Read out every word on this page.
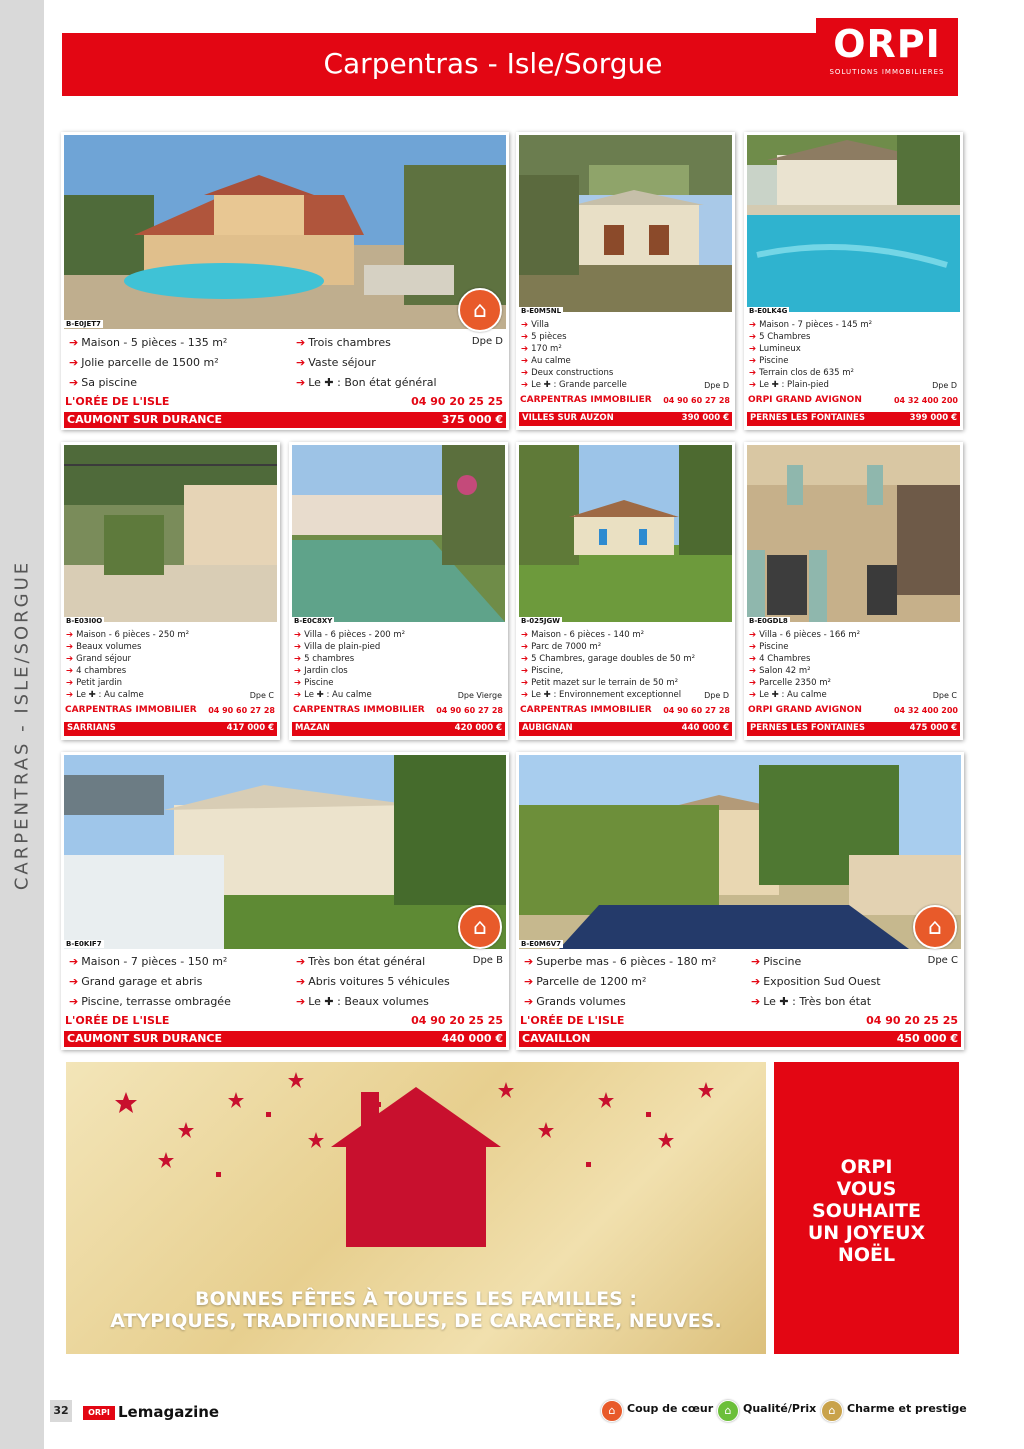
CARPENTRAS - ISLE/SORGUE
Carpentras - Isle/Sorgue	ORPI
SOLUTIONS IMMOBILIERES
B-E0JET7
⌂
➔ Maison - 5 pièces - 135 m²
➔ Jolie parcelle de 1500 m²
➔ Sa piscine
➔ Trois chambres
➔ Vaste séjour
➔ Le ✚ : Bon état général
Dpe D
L'ORÉE DE L'ISLE	04 90 20 25 25
CAUMONT SUR DURANCE	375 000 €
B-E0M5NL
➔ Villa
➔ 5 pièces
➔ 170 m²
➔ Au calme
➔ Deux constructions
➔ Le ✚ : Grande parcelle	Dpe D
CARPENTRAS IMMOBILIER 04 90 60 27 28
VILLES SUR AUZON	390 000 €
B-E0LK4G
➔ Maison - 7 pièces - 145 m²
➔ 5 Chambres
➔ Lumineux
➔ Piscine
➔ Terrain clos de 635 m²
➔ Le ✚ : Plain-pied	Dpe D
ORPI GRAND AVIGNON	04 32 400 200
PERNES LES FONTAINES	399 000 €
B-E03I0O
➔ Maison - 6 pièces - 250 m²
➔ Beaux volumes
➔ Grand séjour
➔ 4 chambres
➔ Petit jardin
➔ Le ✚ : Au calme	Dpe C
CARPENTRAS IMMOBILIER 04 90 60 27 28
SARRIANS	417 000 €
B-E0C8XY
➔ Villa - 6 pièces - 200 m²
➔ Villa de plain-pied
➔ 5 chambres
➔ Jardin clos
➔ Piscine
➔ Le ✚ : Au calme	Dpe Vierge
CARPENTRAS IMMOBILIER 04 90 60 27 28
MAZAN	420 000 €
B-025JGW
➔ Maison - 6 pièces - 140 m²
➔ Parc de 7000 m²
➔ 5 Chambres, garage doubles de 50 m²
➔ Piscine,
➔ Petit mazet sur le terrain de 50 m²
➔ Le ✚ : Environnement exceptionnel	Dpe D
CARPENTRAS IMMOBILIER 04 90 60 27 28
AUBIGNAN	440 000 €
B-E0GDL8
➔ Villa - 6 pièces - 166 m²
➔ Piscine
➔ 4 Chambres
➔ Salon 42 m²
➔ Parcelle 2350 m²
➔ Le ✚ : Au calme	Dpe C
ORPI GRAND AVIGNON	04 32 400 200
PERNES LES FONTAINES	475 000 €
B-E0KIF7
⌂
➔ Maison - 7 pièces - 150 m²
➔ Grand garage et abris
➔ Piscine, terrasse ombragée
➔ Très bon état général
➔ Abris voitures 5 véhicules
➔ Le ✚ : Beaux volumes
Dpe B
L'ORÉE DE L'ISLE	04 90 20 25 25
CAUMONT SUR DURANCE	440 000 €
B-E0M6V7
⌂
➔ Superbe mas - 6 pièces - 180 m²
➔ Parcelle de 1200 m²
➔ Grands volumes
➔ Piscine
➔ Exposition Sud Ouest
➔ Le ✚ : Très bon état
Dpe C
L'ORÉE DE L'ISLE	04 90 20 25 25
CAVAILLON	450 000 €
BONNES FÊTES À TOUTES LES FAMILLES :
ATYPIQUES, TRADITIONNELLES, DE CARACTÈRE, NEUVES.
ORPI
VOUS
SOUHAITE
UN JOYEUX
NOËL
32	ORPI Lemagazine	⌂	Coup de cœur	⌂	Qualité/Prix	⌂	Charme et prestige
